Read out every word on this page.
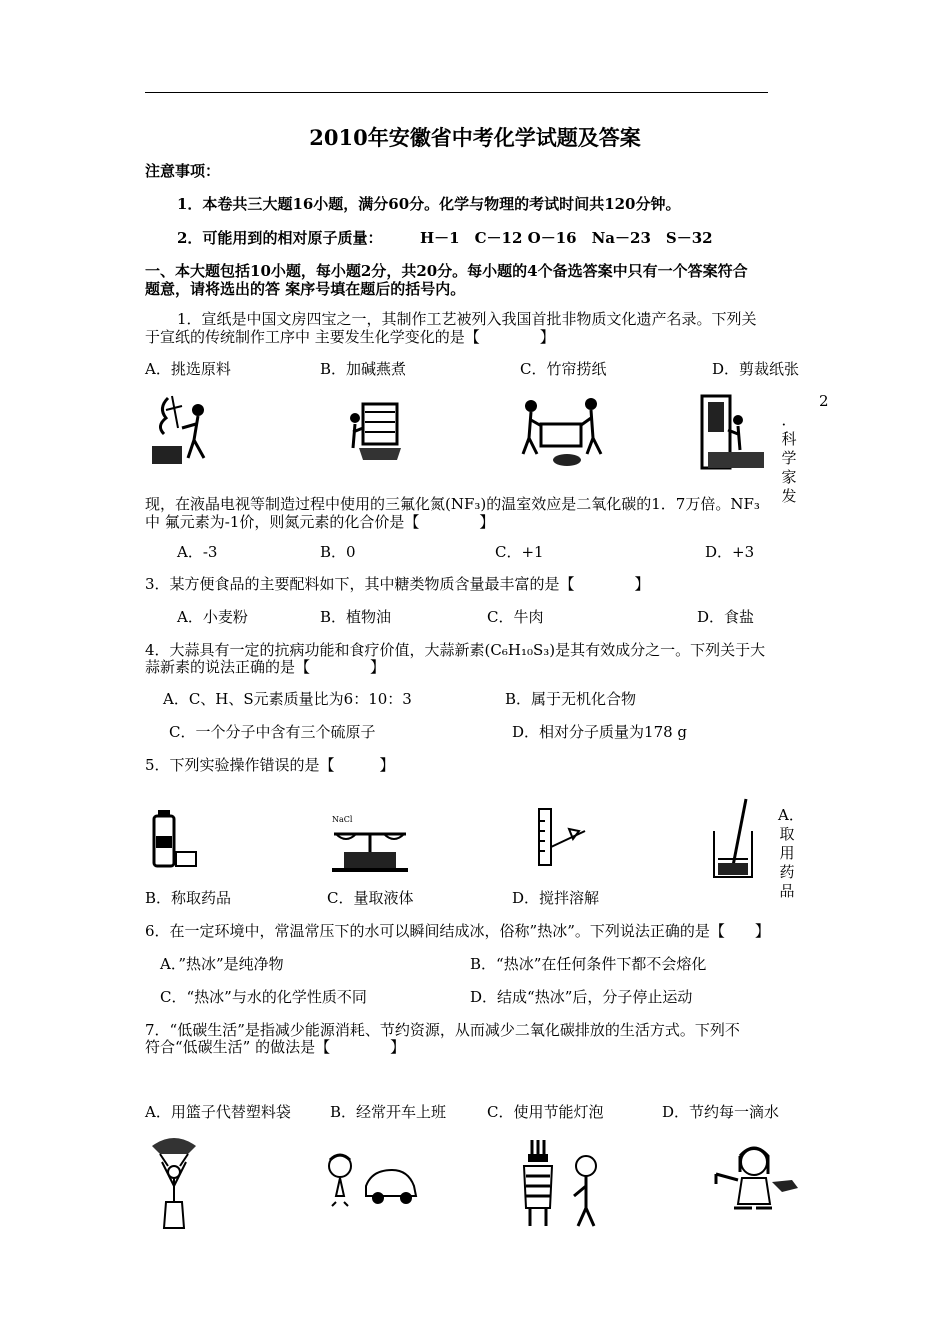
2010年安徽省中考化学试题及答案
注意事项：
1．本卷共三大题16小题，满分60分。化学与物理的考试时间共120分钟。
2．可能用到的相对原子质量：	H－1　C－12 O－16　Na－23　S－32
一、本大题包括10小题，每小题2分，共20分。每小题的4个备选答案中只有一个答案符合
题意，请将选出的答 案序号填在题后的括号内。
1．宣纸是中国文房四宝之一，其制作工艺被列入我国首批非物质文化遗产名录。下列关
于宣纸的传统制作工序中 主要发生化学变化的是【　　　　】
A．挑选原料	B．加碱燕煮	C．竹帘捞纸	D．剪裁纸张
2
．科学家发
现，在液晶电视等制造过程中使用的三氟化氮(NF₃)的温室效应是二氧化碳的1．7万倍。NF₃
中 氟元素为-1价，则氮元素的化合价是【　　　　】
A．-3	B．0	C．+1	D．+3
3．某方便食品的主要配料如下，其中糖类物质含量最丰富的是【　　　　】
A．小麦粉	B．植物油	C．牛肉	D．食盐
4．大蒜具有一定的抗病功能和食疗价值，大蒜新素(C₆H₁₀S₃)是其有效成分之一。下列关于大
蒜新素的说法正确的是【　　　　】
A．C、H、S元素质量比为6：10：3	B．属于无机化合物
C．一个分子中含有三个硫原子	D．相对分子质量为178 g
5．下列实验操作错误的是【　　　】
NaCl	A．取用药品
B．称取药品	C．量取液体	D．搅拌溶解
6．在一定环境中，常温常压下的水可以瞬间结成冰，俗称”热冰”。下列说法正确的是【　　】
A．”热冰”是纯净物	B．“热冰”在任何条件下都不会熔化
C．“热冰”与水的化学性质不同	D．结成“热冰”后，分子停止运动
7．“低碳生活”是指减少能源消耗、节约资源，从而减少二氧化碳排放的生活方式。下列不
符合“低碳生活” 的做法是【　　　　】
A．用篮子代替塑料袋	B．经常开车上班	C．使用节能灯泡	D．节约每一滴水
